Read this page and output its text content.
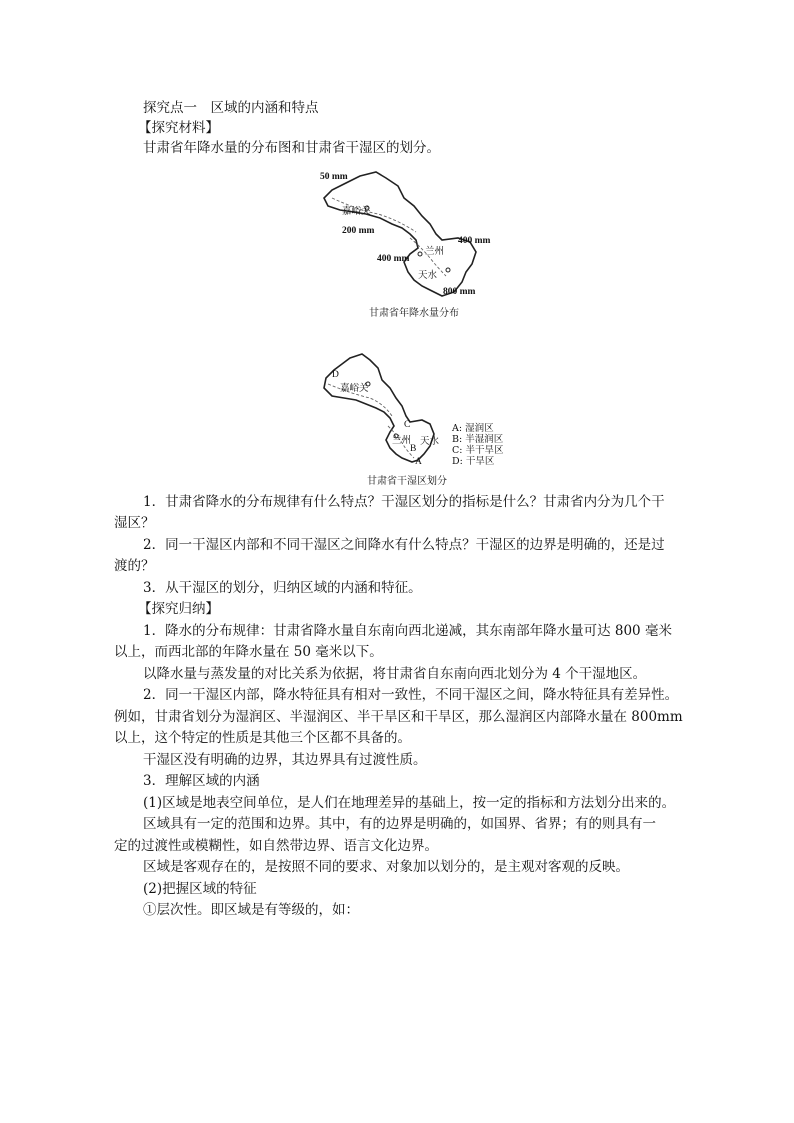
探究点一　区域的内涵和特点
【探究材料】
甘肃省年降水量的分布图和甘肃省干湿区的划分。
50 mm
嘉峪关
200 mm
兰州
400 mm
400 mm
天水
800 mm
甘肃省年降水量分布
D
嘉峪关
兰州 天水
C
B
A
A: 湿润区
B: 半湿润区
C: 半干旱区
D: 干旱区
甘肃省干湿区划分
1．甘肃省降水的分布规律有什么特点？干湿区划分的指标是什么？甘肃省内分为几个干
湿区？
2．同一干湿区内部和不同干湿区之间降水有什么特点？干湿区的边界是明确的，还是过
渡的？
3．从干湿区的划分，归纳区域的内涵和特征。
【探究归纳】
1．降水的分布规律：甘肃省降水量自东南向西北递减，其东南部年降水量可达 800 毫米
以上，而西北部的年降水量在 50 毫米以下。
以降水量与蒸发量的对比关系为依据，将甘肃省自东南向西北划分为 4 个干湿地区。
2．同一干湿区内部，降水特征具有相对一致性，不同干湿区之间，降水特征具有差异性。
例如，甘肃省划分为湿润区、半湿润区、半干旱区和干旱区，那么湿润区内部降水量在 800mm
以上，这个特定的性质是其他三个区都不具备的。
干湿区没有明确的边界，其边界具有过渡性质。
3．理解区域的内涵
(1)区域是地表空间单位，是人们在地理差异的基础上，按一定的指标和方法划分出来的。
区域具有一定的范围和边界。其中，有的边界是明确的，如国界、省界；有的则具有一
定的过渡性或模糊性，如自然带边界、语言文化边界。
区域是客观存在的，是按照不同的要求、对象加以划分的，是主观对客观的反映。
(2)把握区域的特征
①层次性。即区域是有等级的，如：
